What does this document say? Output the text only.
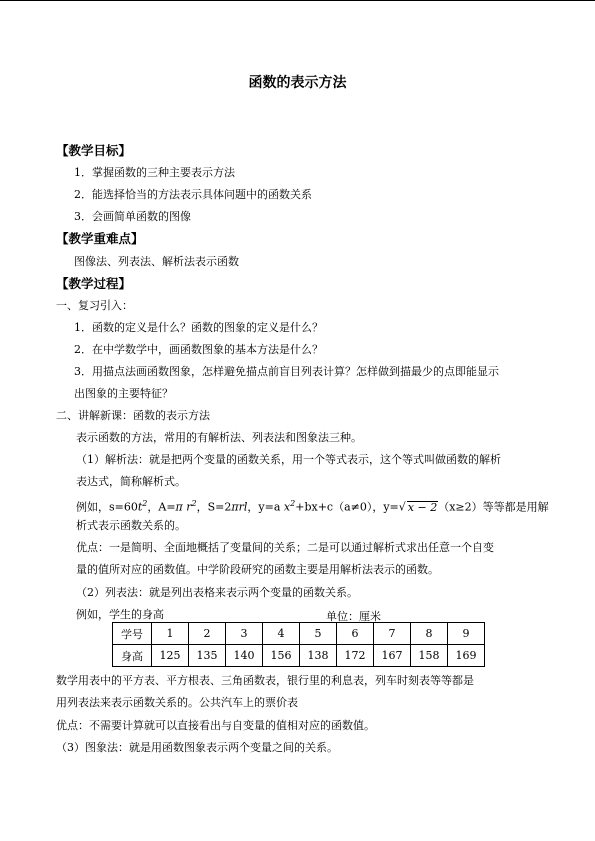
函数的表示方法
【教学目标】
1．掌握函数的三种主要表示方法
2．能选择恰当的方法表示具体问题中的函数关系
3．会画简单函数的图像
【教学重难点】
图像法、列表法、解析法表示函数
【教学过程】
一、复习引入：
1．函数的定义是什么？函数的图象的定义是什么？
2．在中学数学中，画函数图象的基本方法是什么？
3．用描点法画函数图象，怎样避免描点前盲目列表计算？怎样做到描最少的点即能显示
出图象的主要特征？
二、讲解新课：函数的表示方法
表示函数的方法，常用的有解析法、列表法和图象法三种。
（1）解析法：就是把两个变量的函数关系，用一个等式表示，这个等式叫做函数的解析
表达式，简称解析式。
例如，$s=60t^2$，A=π $r^2$，S=2πrl，y=a $x^2+bx+c(a\ne 0)$，y=√ x − 2（x≥2）等等都是用解
析式表示函数关系的。
优点：一是简明、全面地概括了变量间的关系；二是可以通过解析式求出任意一个自变
量的值所对应的函数值。中学阶段研究的函数主要是用解析法表示的函数。
（2）列表法：就是列出表格来表示两个变量的函数关系。
例如，学生的身高	单位：厘米
学号	1	2	3	4	5	6	7	8	9
身高	125	135	140	156	138	172	167	158	169
数学用表中的平方表、平方根表、三角函数表，银行里的利息表，列车时刻表等等都是
用列表法来表示函数关系的。公共汽车上的票价表
优点：不需要计算就可以直接看出与自变量的值相对应的函数值。
（3）图象法：就是用函数图象表示两个变量之间的关系。
